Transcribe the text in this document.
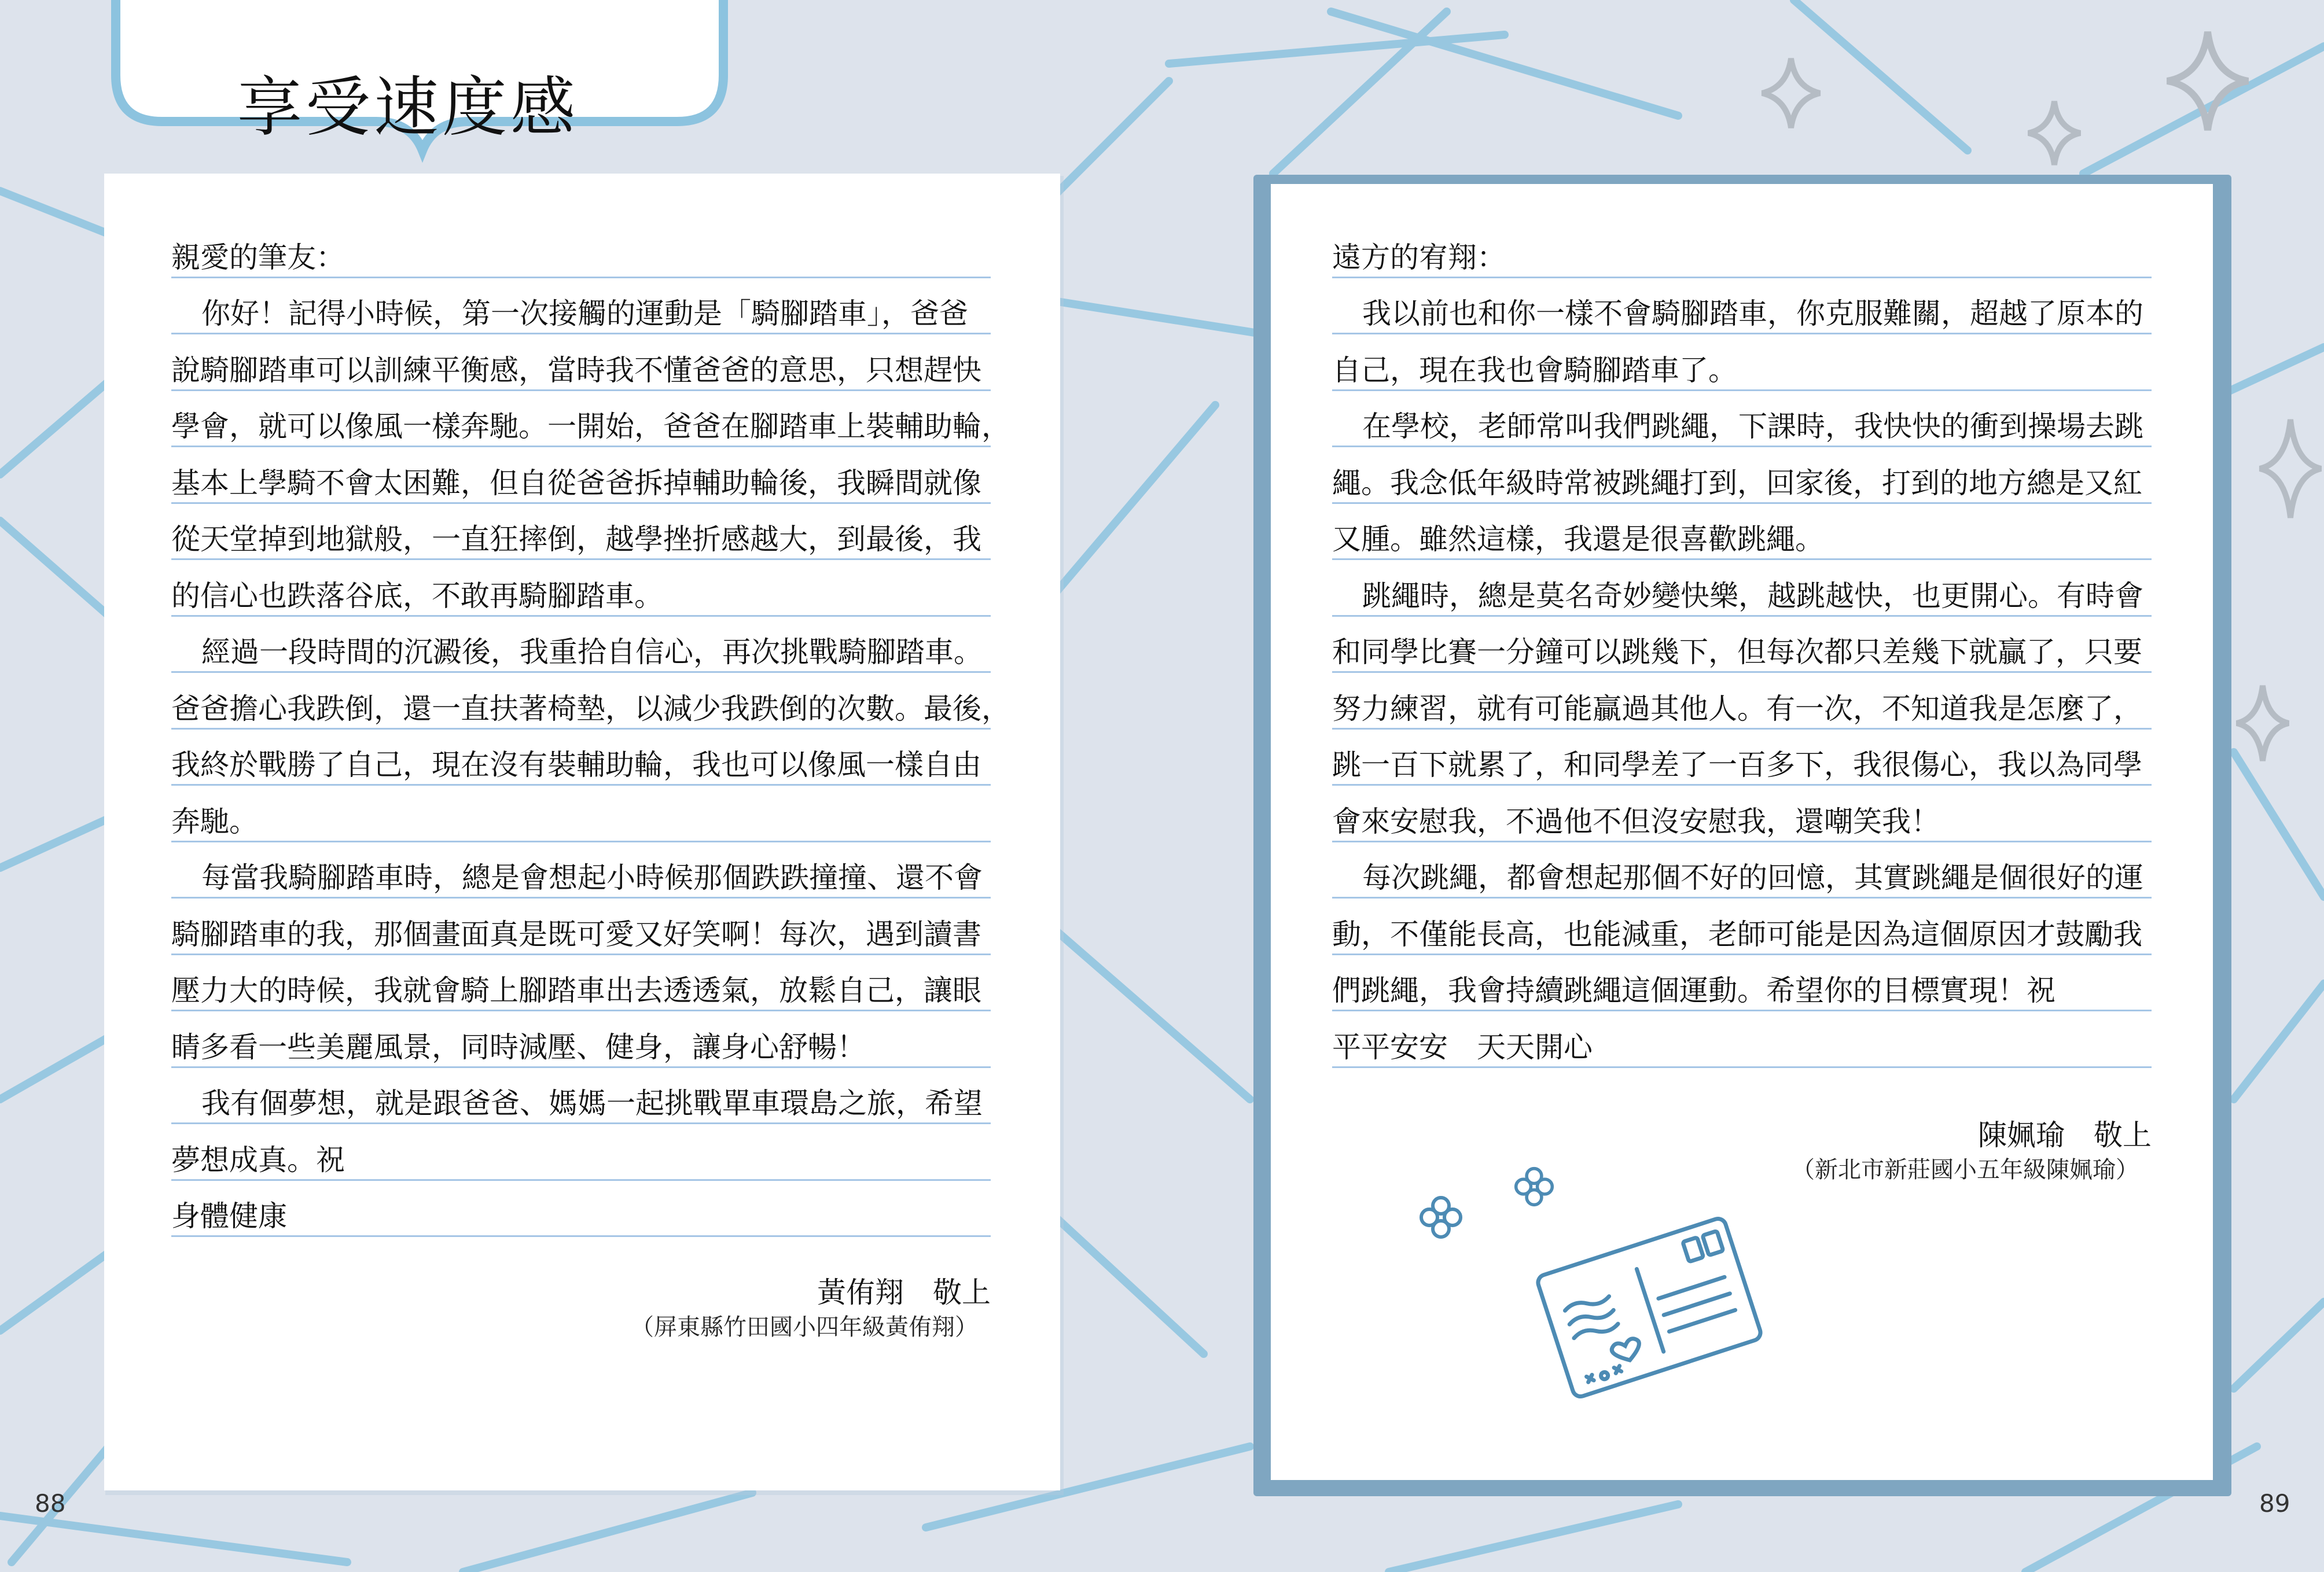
享受速度感
親愛的筆友：
你好！記得小時候，第一次接觸的運動是「騎腳踏車」，爸爸
說騎腳踏車可以訓練平衡感，當時我不懂爸爸的意思，只想趕快
學會，就可以像風一樣奔馳。一開始，爸爸在腳踏車上裝輔助輪，
基本上學騎不會太困難，但自從爸爸拆掉輔助輪後，我瞬間就像
從天堂掉到地獄般，一直狂摔倒，越學挫折感越大，到最後，我
的信心也跌落谷底，不敢再騎腳踏車。
經過一段時間的沉澱後，我重拾自信心，再次挑戰騎腳踏車。
爸爸擔心我跌倒，還一直扶著椅墊，以減少我跌倒的次數。最後，
我終於戰勝了自己，現在沒有裝輔助輪，我也可以像風一樣自由
奔馳。
每當我騎腳踏車時，總是會想起小時候那個跌跌撞撞、還不會
騎腳踏車的我，那個畫面真是既可愛又好笑啊！每次，遇到讀書
壓力大的時候，我就會騎上腳踏車出去透透氣，放鬆自己，讓眼
睛多看一些美麗風景，同時減壓、健身，讓身心舒暢！
我有個夢想，就是跟爸爸、媽媽一起挑戰單車環島之旅，希望
夢想成真。祝
身體健康
黃侑翔　敬上
（屏東縣竹田國小四年級黃侑翔）
遠方的宥翔：
我以前也和你一樣不會騎腳踏車，你克服難關，超越了原本的
自己，現在我也會騎腳踏車了。
在學校，老師常叫我們跳繩，下課時，我快快的衝到操場去跳
繩。我念低年級時常被跳繩打到，回家後，打到的地方總是又紅
又腫。雖然這樣，我還是很喜歡跳繩。
跳繩時，總是莫名奇妙變快樂，越跳越快，也更開心。有時會
和同學比賽一分鐘可以跳幾下，但每次都只差幾下就贏了，只要
努力練習，就有可能贏過其他人。有一次，不知道我是怎麼了，
跳一百下就累了，和同學差了一百多下，我很傷心，我以為同學
會來安慰我，不過他不但沒安慰我，還嘲笑我！
每次跳繩，都會想起那個不好的回憶，其實跳繩是個很好的運
動，不僅能長高，也能減重，老師可能是因為這個原因才鼓勵我
們跳繩，我會持續跳繩這個運動。希望你的目標實現！祝
平平安安　天天開心
陳姵瑜　敬上
（新北市新莊國小五年級陳姵瑜）
88	89
